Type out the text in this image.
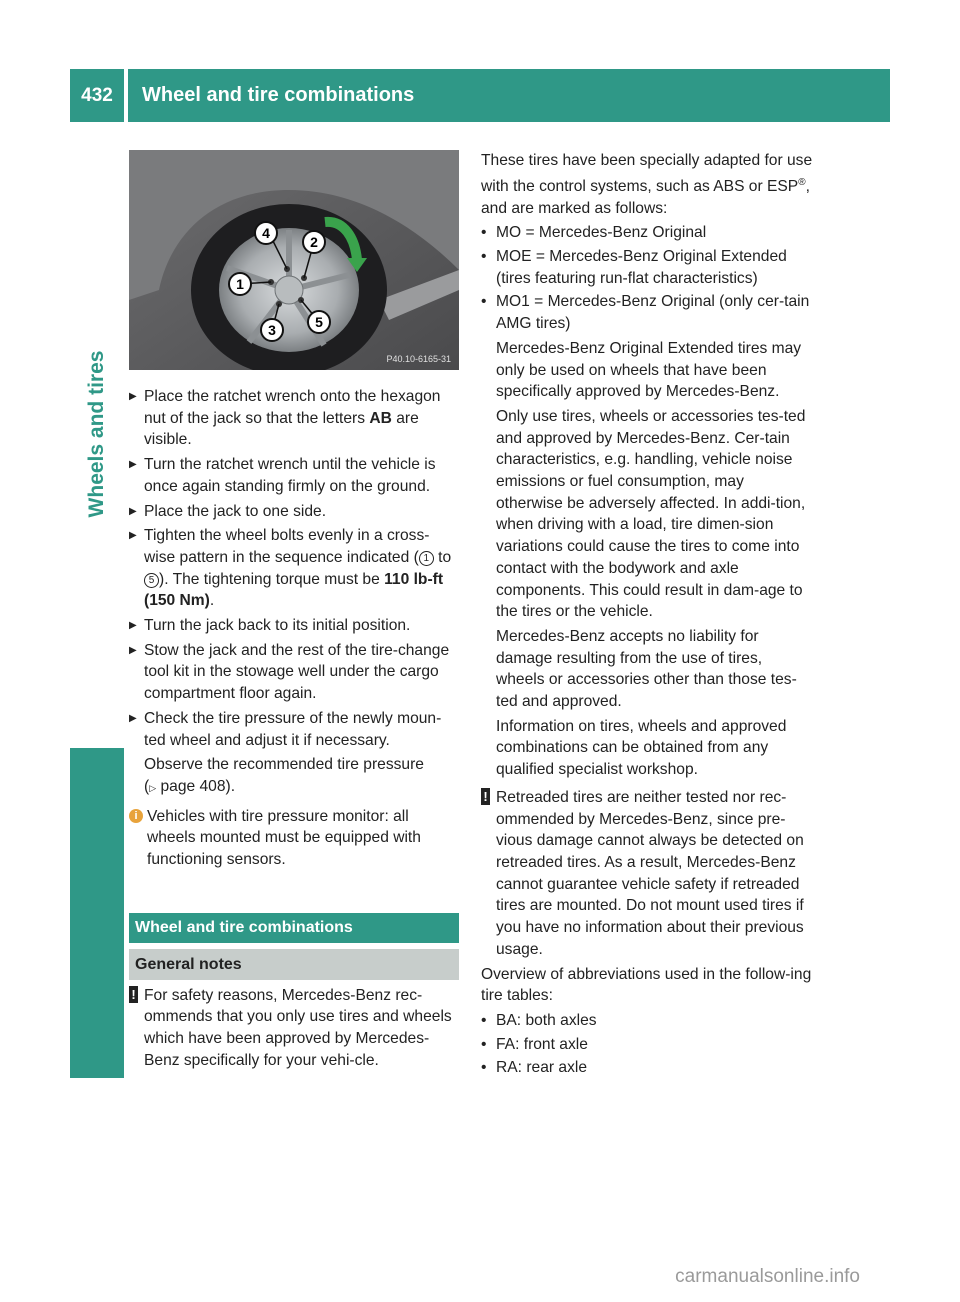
432	Wheel and tire combinations
Wheels and tires
1
2
3
4
5
P40.10-6165-31

▶ Place the ratchet wrench onto the hexagon nut of the jack so that the letters AB are visible.

▶ Turn the ratchet wrench until the vehicle is once again standing firmly on the ground.

▶ Place the jack to one side.

▶ Tighten the wheel bolts evenly in a cross-wise pattern in the sequence indicated ( 1 to 5 ). The tightening torque must be 110 lb-ft (150 Nm).

▶ Turn the jack back to its initial position.

▶ Stow the jack and the rest of the tire-change tool kit in the stowage well under the cargo compartment floor again.

▶ Check the tire pressure of the newly moun-ted wheel and adjust it if necessary.

Observe the recommended tire pressure
(▷ page 408).

i Vehicles with tire pressure monitor: all wheels mounted must be equipped with functioning sensors.

Wheel and tire combinations
General notes

! For safety reasons, Mercedes-Benz rec-ommends that you only use tires and wheels which have been approved by Mercedes-Benz specifically for your vehi-cle.

These tires have been specially adapted for use with the control systems, such as ABS or ESP®, and are marked as follows:

• MO = Mercedes-Benz Original

• MOE = Mercedes-Benz Original Extended (tires featuring run-flat characteristics)

• MO1 = Mercedes-Benz Original (only cer-tain AMG tires)

Mercedes-Benz Original Extended tires may only be used on wheels that have been specifically approved by Mercedes-Benz.

Only use tires, wheels or accessories tes-ted and approved by Mercedes-Benz. Cer-tain characteristics, e.g. handling, vehicle noise emissions or fuel consumption, may otherwise be adversely affected. In addi-tion, when driving with a load, tire dimen-sion variations could cause the tires to come into contact with the bodywork and axle components. This could result in dam-age to the tires or the vehicle.

Mercedes-Benz accepts no liability for damage resulting from the use of tires, wheels or accessories other than those tes-ted and approved.

Information on tires, wheels and approved combinations can be obtained from any qualified specialist workshop.

! Retreaded tires are neither tested nor rec-ommended by Mercedes-Benz, since pre-vious damage cannot always be detected on retreaded tires. As a result, Mercedes-Benz cannot guarantee vehicle safety if retreaded tires are mounted. Do not mount used tires if you have no information about their previous usage.

Overview of abbreviations used in the follow-ing tire tables:

• BA: both axles

• FA: front axle

• RA: rear axle

carmanualsonline.info
